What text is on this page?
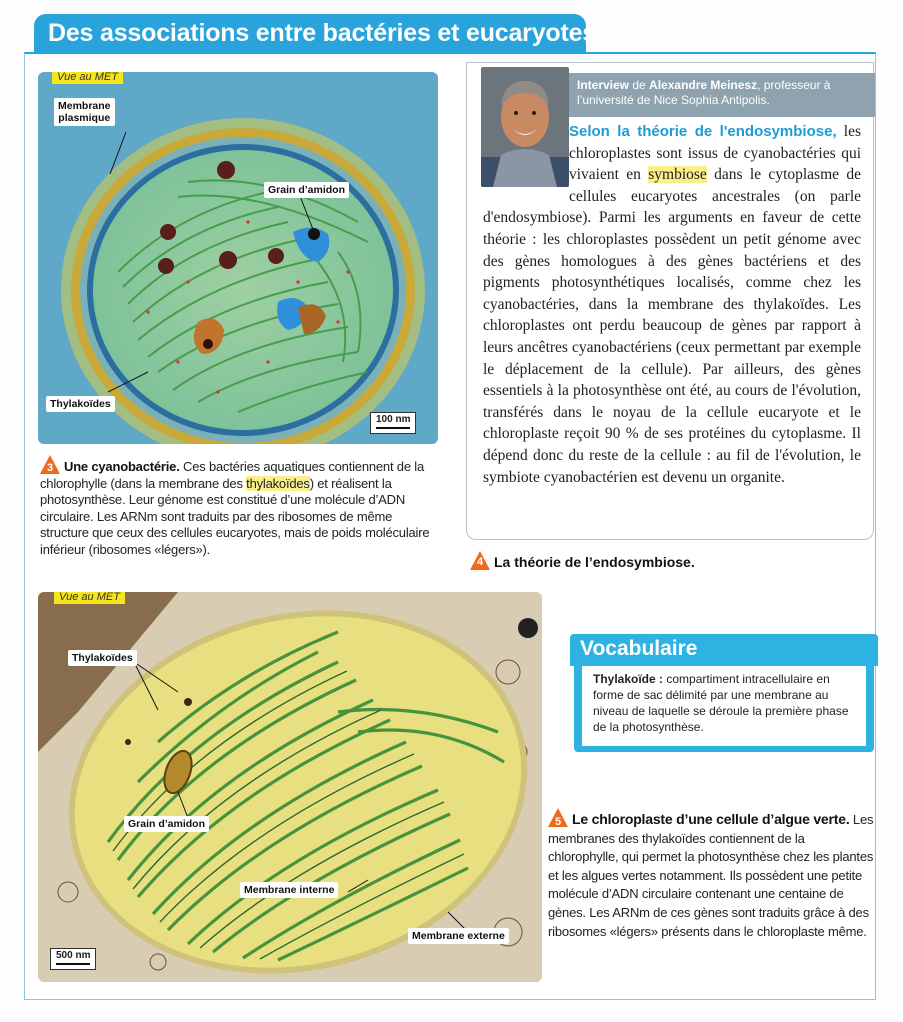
Des associations entre bactéries et eucaryotes
Vue au MET
Membrane
plasmique
Grain d’amidon
Thylakoïdes
100 nm
3 Une cyanobactérie. Ces bactéries aquatiques contiennent de la chlorophylle (dans la membrane des thylakoïdes) et réalisent la photosynthèse. Leur génome est constitué d’une molécule d’ADN circulaire. Les ARNm sont traduits par des ribosomes de même structure que ceux des cellules eucaryotes, mais de poids moléculaire inférieur (ribosomes «légers»).
Interview de Alexandre Meinesz, professeur à l’université de Nice Sophia Antipolis.
Selon la théorie de l'endosymbiose, les chloroplastes sont issus de cyanobactéries qui vivaient en symbiose dans le cytoplasme de cellules eucaryotes ancestrales (on parle d'endosymbiose). Parmi les arguments en faveur de cette théorie : les chloroplastes possèdent un petit génome avec des gènes homologues à des gènes bactériens et des pigments photosynthétiques localisés, comme chez les cyanobactéries, dans la membrane des thylakoïdes. Les chloroplastes ont perdu beaucoup de gènes par rapport à leurs ancêtres cyanobactériens (ceux permettant par exemple le déplacement de la cellule). Par ailleurs, des gènes essentiels à la photosynthèse ont été, au cours de l'évolution, transférés dans le noyau de la cellule eucaryote et le chloroplaste reçoit 90 % de ses protéines du cytoplasme. Il dépend donc du reste de la cellule : au fil de l'évolution, le symbiote cyanobactérien est devenu un organite.
4 La théorie de l’endosymbiose.
Vue au MET
Thylakoïdes
Grain d’amidon
Membrane interne
Membrane externe
500 nm
Vocabulaire
Thylakoïde : compartiment intracellulaire en forme de sac délimité par une membrane au niveau de laquelle se déroule la première phase de la photosynthèse.
5 Le chloroplaste d’une cellule d’algue verte. Les membranes des thylakoïdes contiennent de la chlorophylle, qui permet la photosynthèse chez les plantes et les algues vertes notamment. Ils possèdent une petite molécule d’ADN circulaire contenant une centaine de gènes. Les ARNm de ces gènes sont traduits grâce à des ribosomes «légers» présents dans le chloroplaste même.
